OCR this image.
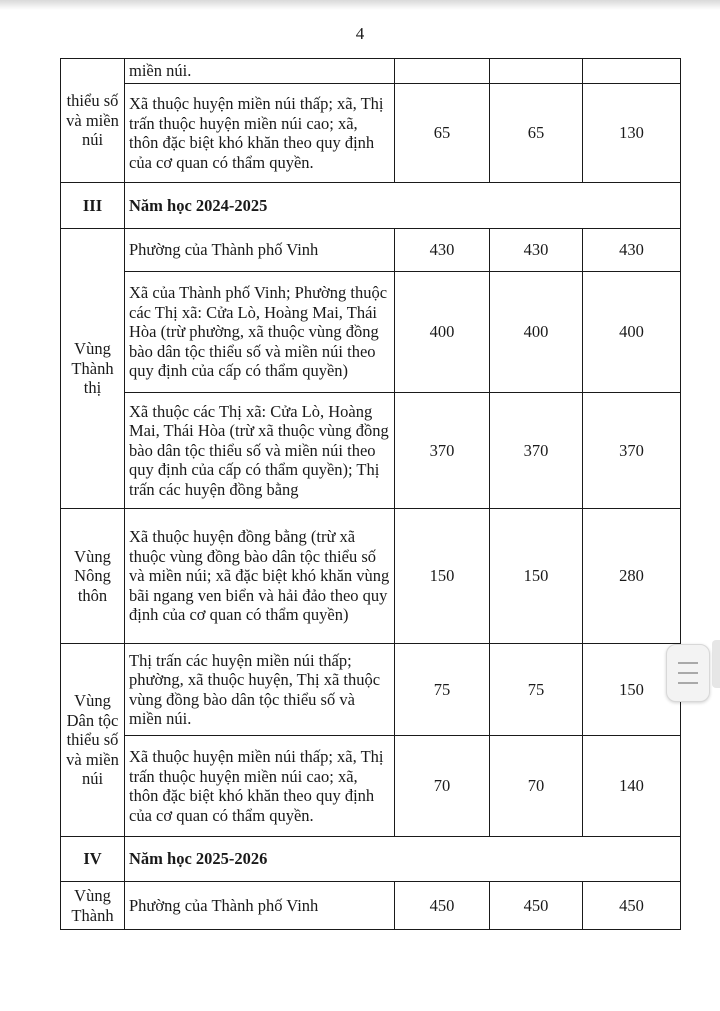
4
thiểu số và miền núi	miền núi.			
	Xã thuộc huyện miền núi thấp; xã, Thị trấn thuộc huyện miền núi cao; xã, thôn đặc biệt khó khăn theo quy định của cơ quan có thẩm quyền.	65	65	130
III	Năm học 2024-2025			
Vùng Thành thị	Phường của Thành phố Vinh	430	430	430
	Xã của Thành phố Vinh; Phường thuộc các Thị xã: Cửa Lò, Hoàng Mai, Thái Hòa (trừ phường, xã thuộc vùng đồng bào dân tộc thiểu số và miền núi theo quy định của cấp có thẩm quyền)	400	400	400
	Xã thuộc các Thị xã: Cửa Lò, Hoàng Mai, Thái Hòa (trừ xã thuộc vùng đồng bào dân tộc thiểu số và miền núi theo quy định của cấp có thẩm quyền); Thị trấn các huyện đồng bằng	370	370	370
Vùng Nông thôn	Xã thuộc huyện đồng bằng (trừ xã thuộc vùng đồng bào dân tộc thiểu số và miền núi; xã đặc biệt khó khăn vùng bãi ngang ven biển và hải đảo theo quy định của cơ quan có thẩm quyền)	150	150	280
Vùng Dân tộc thiểu số và miền núi	Thị trấn các huyện miền núi thấp; phường, xã thuộc huyện, Thị xã thuộc vùng đồng bào dân tộc thiểu số và miền núi.	75	75	150
	Xã thuộc huyện miền núi thấp; xã, Thị trấn thuộc huyện miền núi cao; xã, thôn đặc biệt khó khăn theo quy định của cơ quan có thẩm quyền.	70	70	140
IV	Năm học 2025-2026			
Vùng Thành	Phường của Thành phố Vinh	450	450	450
